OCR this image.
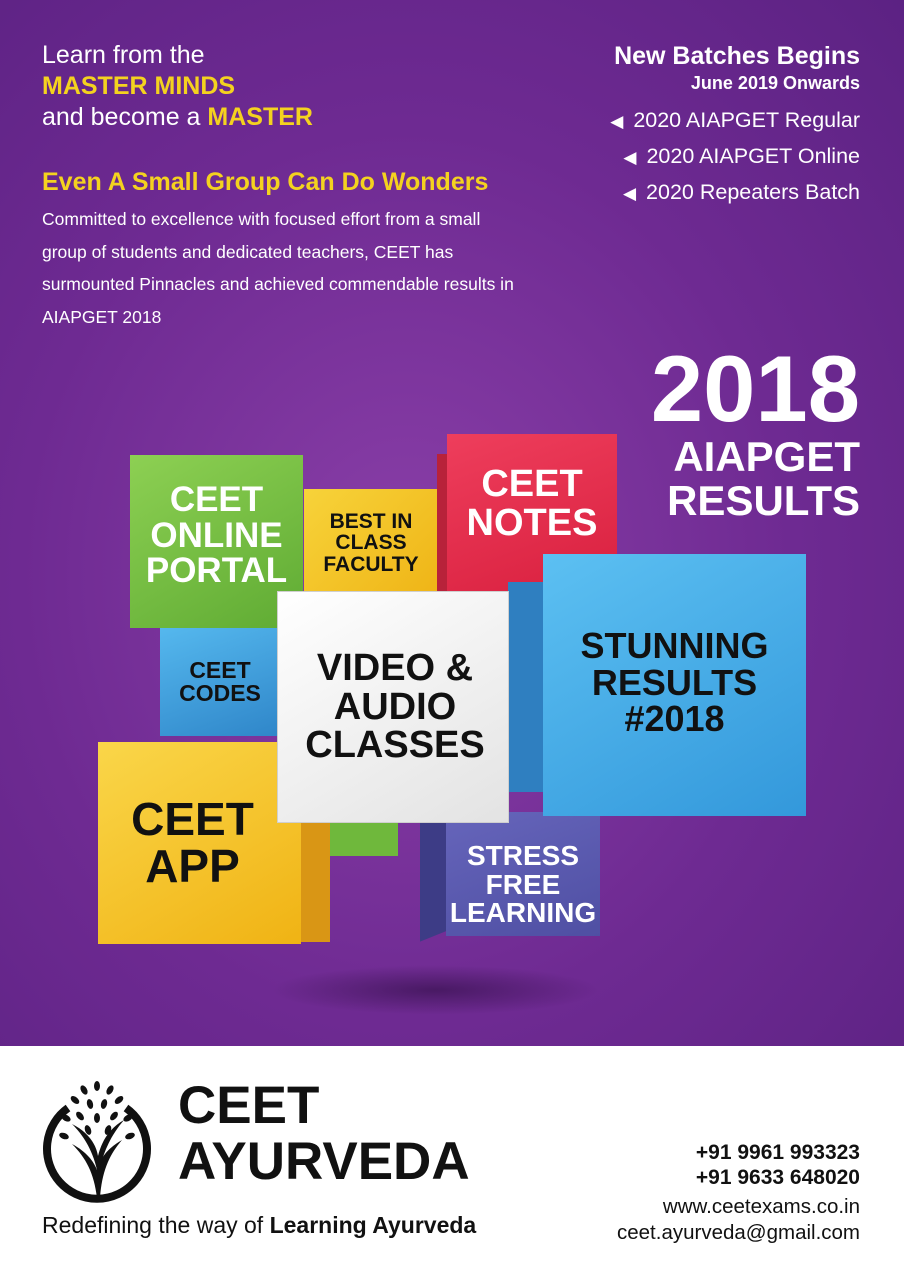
Learn from the
MASTER MINDS
and become a MASTER
Even A Small Group Can Do Wonders
Committed to excellence with focused effort from a small group of students and dedicated teachers, CEET has surmounted Pinnacles and achieved commendable results in AIAPGET 2018
New Batches Begins
June 2019 Onwards
◀ 2020 AIAPGET Regular
◀ 2020 AIAPGET Online
◀ 2020 Repeaters Batch
2018
AIAPGET
RESULTS
BEST IN
CLASS
FACULTY
CEET
NOTES
CEET
ONLINE
PORTAL
CEET
CODES
STRESS
FREE
LEARNING
CEET
APP
STUNNING
RESULTS
#2018
VIDEO &
AUDIO
CLASSES
CEET
AYURVEDA
Redefining the way of Learning Ayurveda
+91 9961 993323
+91 9633 648020
www.ceetexams.co.in
ceet.ayurveda@gmail.com
